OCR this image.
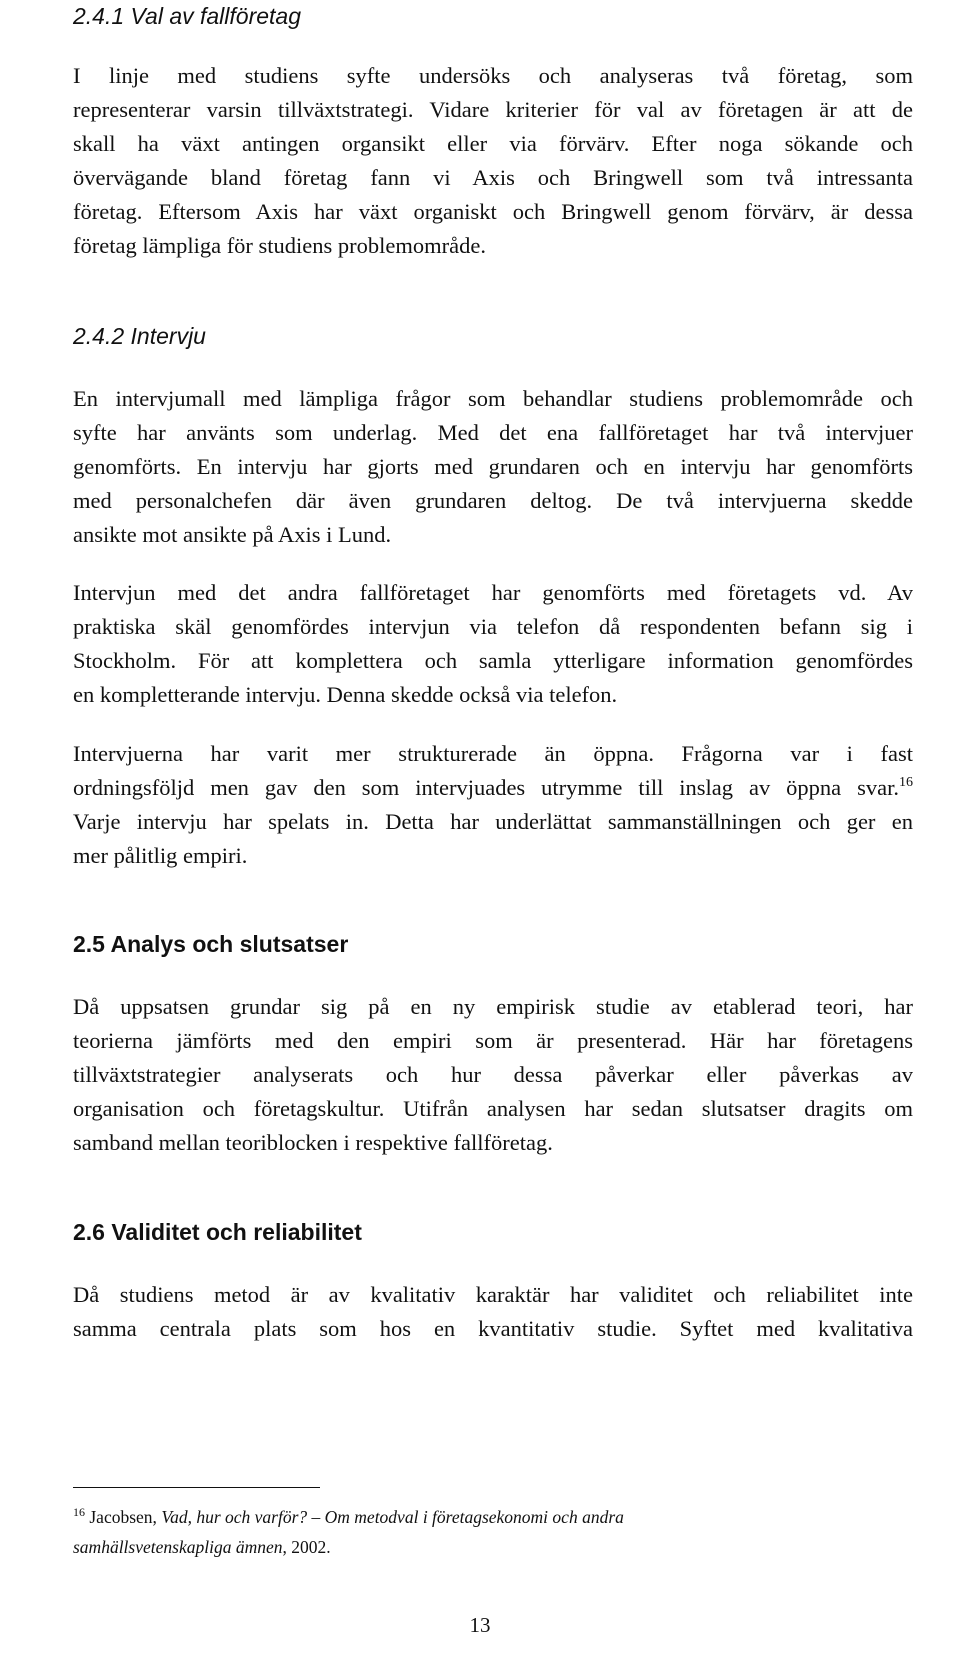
2.4.1 Val av fallföretag
I linje med studiens syfte undersöks och analyseras två företag, som
representerar varsin tillväxtstrategi. Vidare kriterier för val av företagen är att de
skall ha växt antingen organsikt eller via förvärv. Efter noga sökande och
övervägande bland företag fann vi Axis och Bringwell som två intressanta
företag. Eftersom Axis har växt organiskt och Bringwell genom förvärv, är dessa
företag lämpliga för studiens problemområde.
2.4.2 Intervju
En intervjumall med lämpliga frågor som behandlar studiens problemområde och
syfte har använts som underlag. Med det ena fallföretaget har två intervjuer
genomförts. En intervju har gjorts med grundaren och en intervju har genomförts
med personalchefen där även grundaren deltog. De två intervjuerna skedde
ansikte mot ansikte på Axis i Lund.
Intervjun med det andra fallföretaget har genomförts med företagets vd. Av
praktiska skäl genomfördes intervjun via telefon då respondenten befann sig i
Stockholm. För att komplettera och samla ytterligare information genomfördes
en kompletterande intervju. Denna skedde också via telefon.
Intervjuerna har varit mer strukturerade än öppna. Frågorna var i fast
ordningsföljd men gav den som intervjuades utrymme till inslag av öppna svar.$^{16}$
Varje intervju har spelats in. Detta har underlättat sammanställningen och ger en
mer pålitlig empiri.
2.5 Analys och slutsatser
Då uppsatsen grundar sig på en ny empirisk studie av etablerad teori, har
teorierna jämförts med den empiri som är presenterad. Här har företagens
tillväxtstrategier analyserats och hur dessa påverkar eller påverkas av
organisation och företagskultur. Utifrån analysen har sedan slutsatser dragits om
samband mellan teoriblocken i respektive fallföretag.
2.6 Validitet och reliabilitet
Då studiens metod är av kvalitativ karaktär har validitet och reliabilitet inte
samma centrala plats som hos en kvantitativ studie. Syftet med kvalitativa
$^{16}$ Jacobsen, Vad, hur och varför? – Om metodval i företagsekonomi och andra
samhällsvetenskapliga ämnen, 2002.
13
